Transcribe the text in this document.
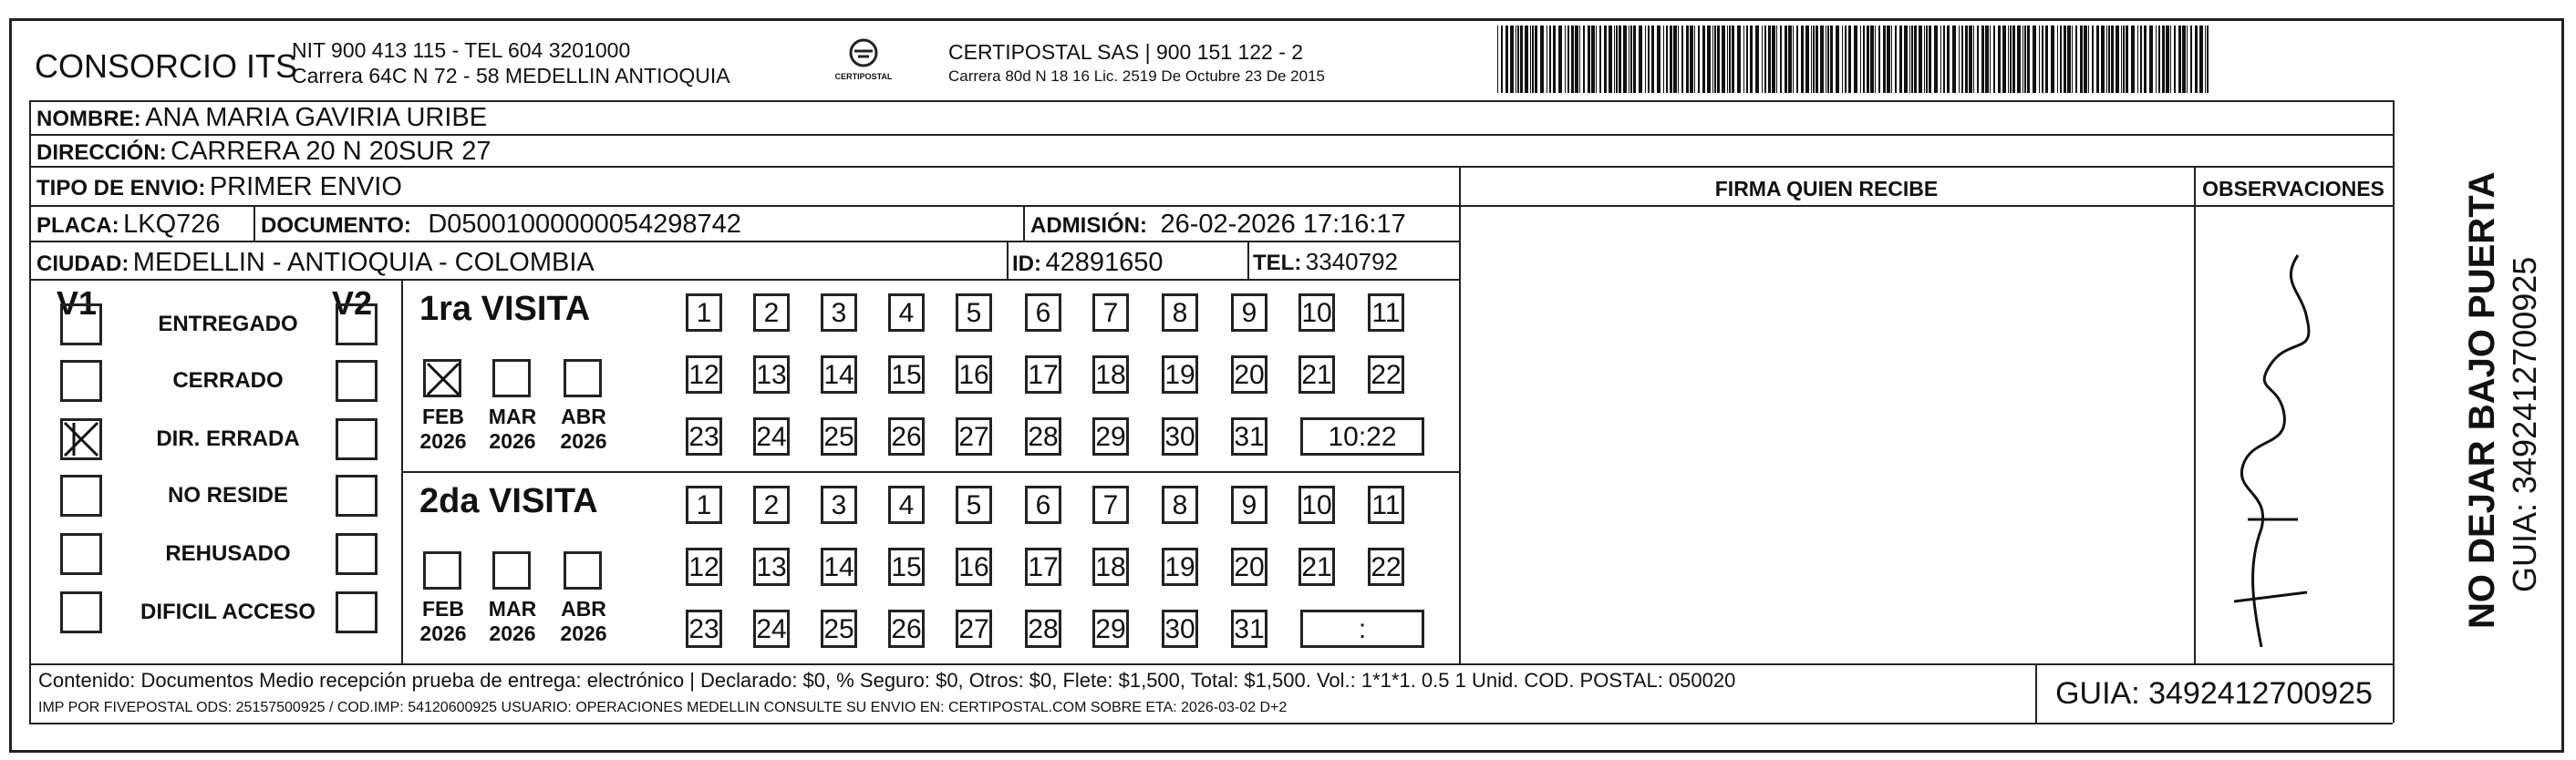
CONSORCIO ITS
NIT 900 413 115 - TEL 604 3201000
Carrera 64C N 72 - 58 MEDELLIN ANTIOQUIA	CERTIPOSTAL
CERTIPOSTAL SAS | 900 151 122 - 2
Carrera 80d N 18 16 Lic. 2519 De Octubre 23 De 2015
NOMBRE: ANA MARIA GAVIRIA URIBE
DIRECCIÓN: CARRERA 20 N 20SUR 27
TIPO DE ENVIO: PRIMER ENVIO	FIRMA QUIEN RECIBE	OBSERVACIONES
PLACA: LKQ726 DOCUMENTO: D05001000000054298742	ADMISIÓN: 26-02-2026 17:16:17
CIUDAD: MEDELLIN - ANTIOQUIA - COLOMBIA	ID: 42891650	TEL: 3340792
V1	V2
ENTREGADO
CERRADO
DIR. ERRADA
NO RESIDE
REHUSADO
DIFICIL ACCESO
1ra VISITA
FEB
2026
MAR
2026
ABR
2026
1	2	3	4	5	6	7	8	9	10 11
12 13 14 15 16 17 18 19 20 21 22
23 24 25 26 27 28 29 30 31	10:22
2da VISITA
FEB
2026
MAR
2026
ABR
2026
1	2	3	4	5	6	7	8	9	10 11
12 13 14 15 16 17 18 19 20 21 22
23 24 25 26 27 28 29 30 31	:
NO DEJAR BAJO PUERTA GUIA: 3492412700925
Contenido: Documentos Medio recepción prueba de entrega: electrónico | Declarado: $0, % Seguro: $0, Otros: $0, Flete: $1,500, Total: $1,500. Vol.: 1*1*1. 0.5 1 Unid. COD. POSTAL: 050020
IMP POR FIVEPOSTAL ODS: 25157500925 / COD.IMP: 54120600925 USUARIO: OPERACIONES MEDELLIN CONSULTE SU ENVIO EN: CERTIPOSTAL.COM SOBRE ETA: 2026-03-02 D+2	GUIA: 3492412700925
